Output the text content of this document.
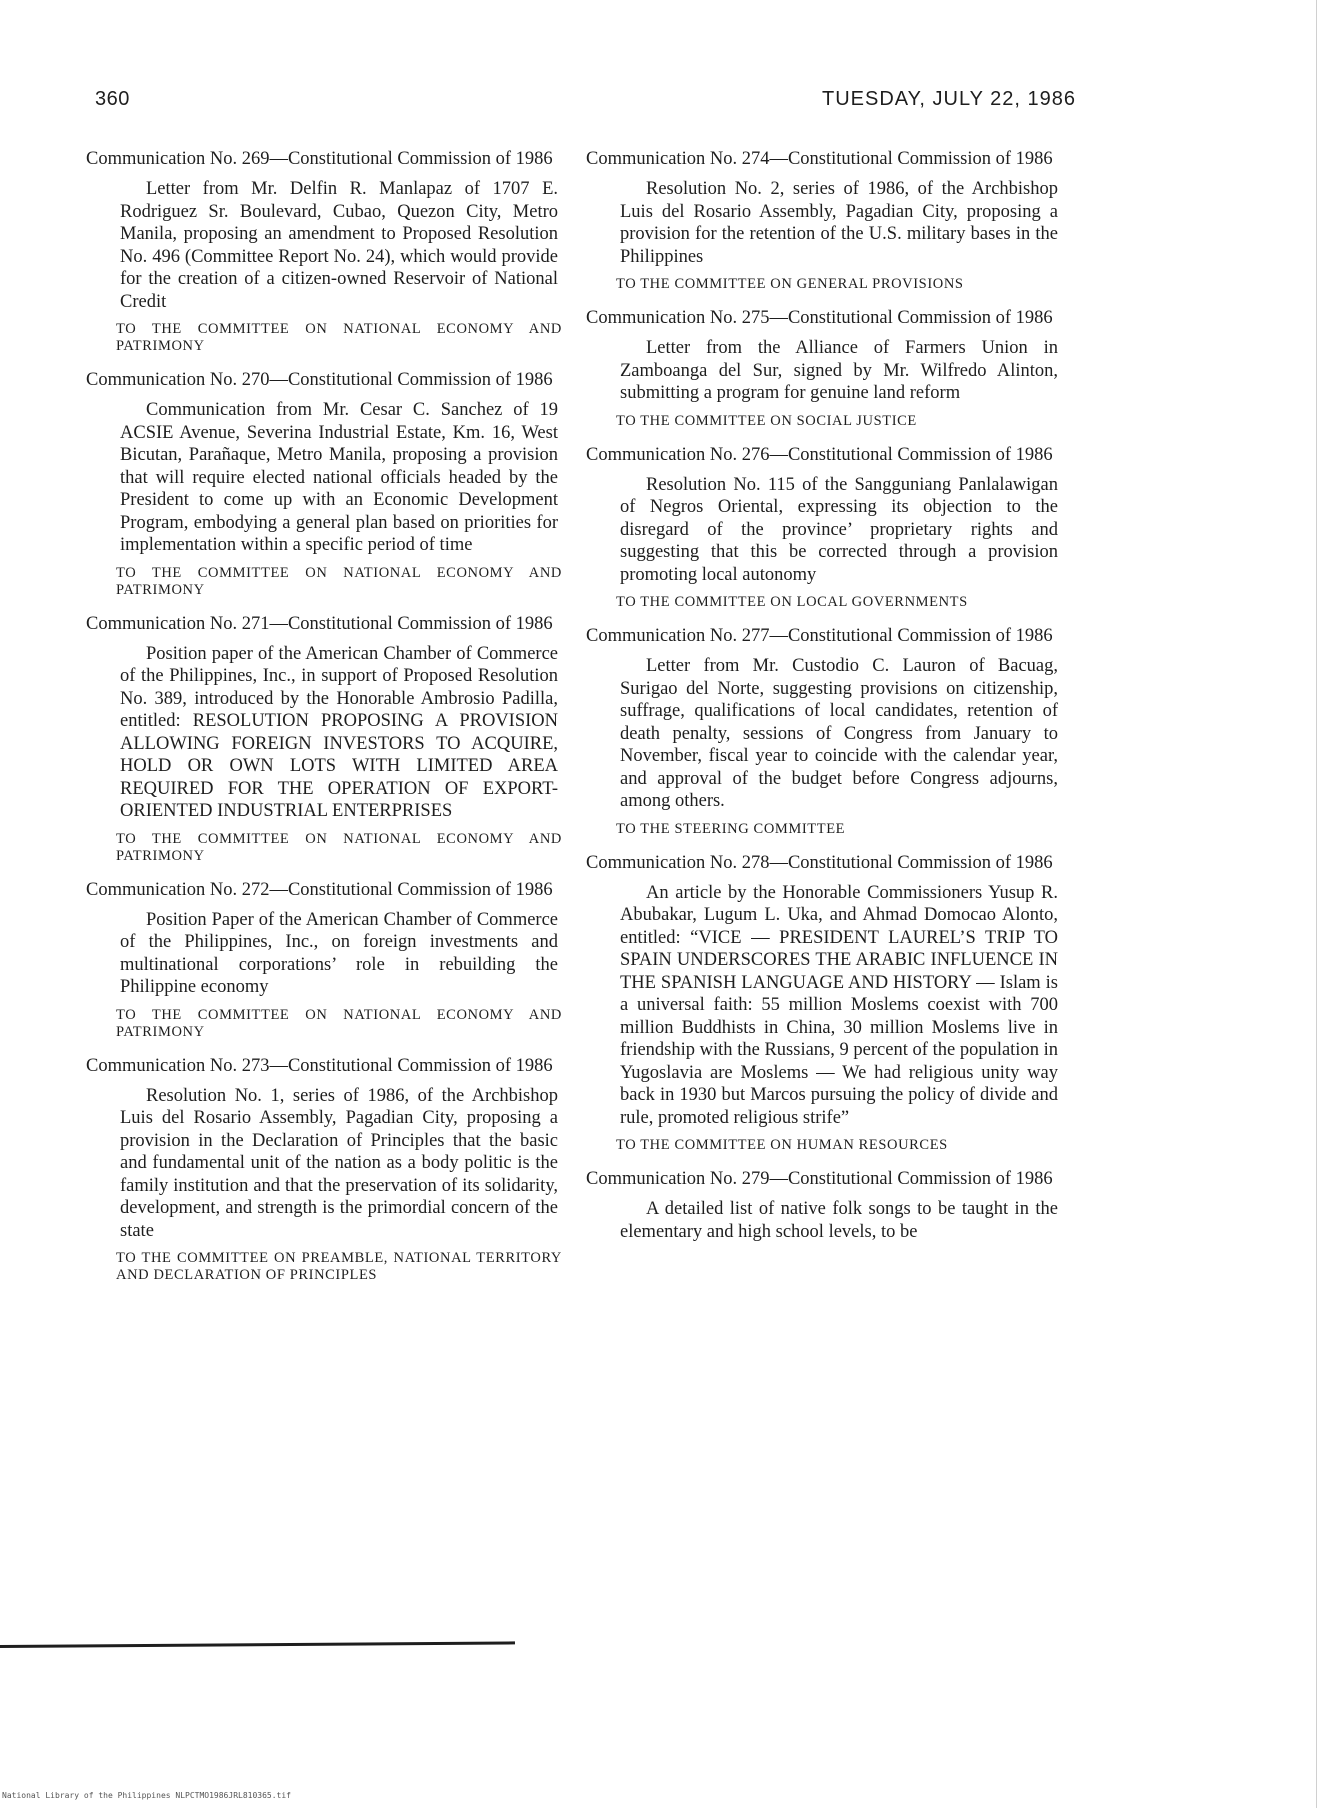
360	TUESDAY, JULY 22, 1986
Communication No. 269—Constitutional Commission of 1986
Letter from Mr. Delfin R. Manlapaz of 1707 E. Rodriguez Sr. Boulevard, Cubao, Quezon City, Metro Manila, proposing an amendment to Proposed Resolution No. 496 (Committee Report No. 24), which would provide for the creation of a citizen-owned Reservoir of National Credit
TO THE COMMITTEE ON NATIONAL ECONOMY AND PATRIMONY
Communication No. 270—Constitutional Commission of 1986
Communication from Mr. Cesar C. Sanchez of 19 ACSIE Avenue, Severina Industrial Estate, Km. 16, West Bicutan, Parañaque, Metro Manila, proposing a provision that will require elected national officials headed by the President to come up with an Economic Development Program, embodying a general plan based on priorities for implementation within a specific period of time
TO THE COMMITTEE ON NATIONAL ECONOMY AND PATRIMONY
Communication No. 271—Constitutional Commission of 1986
Position paper of the American Chamber of Commerce of the Philippines, Inc., in support of Proposed Resolution No. 389, introduced by the Honorable Ambrosio Padilla, entitled: RESOLUTION PROPOSING A PROVISION ALLOWING FOREIGN INVESTORS TO ACQUIRE, HOLD OR OWN LOTS WITH LIMITED AREA REQUIRED FOR THE OPERATION OF EXPORT-ORIENTED INDUSTRIAL ENTERPRISES
TO THE COMMITTEE ON NATIONAL ECONOMY AND PATRIMONY
Communication No. 272—Constitutional Commission of 1986
Position Paper of the American Chamber of Commerce of the Philippines, Inc., on foreign investments and multinational corporations’ role in rebuilding the Philippine economy
TO THE COMMITTEE ON NATIONAL ECONOMY AND PATRIMONY
Communication No. 273—Constitutional Commission of 1986
Resolution No. 1, series of 1986, of the Archbishop Luis del Rosario Assembly, Pagadian City, proposing a provision in the Declaration of Principles that the basic and fundamental unit of the nation as a body politic is the family institution and that the preservation of its solidarity, development, and strength is the primordial concern of the state
TO THE COMMITTEE ON PREAMBLE, NATIONAL TERRITORY AND DECLARATION OF PRINCIPLES
Communication No. 274—Constitutional Commission of 1986
Resolution No. 2, series of 1986, of the Archbishop Luis del Rosario Assembly, Pagadian City, proposing a provision for the retention of the U.S. military bases in the Philippines
TO THE COMMITTEE ON GENERAL PROVISIONS
Communication No. 275—Constitutional Commission of 1986
Letter from the Alliance of Farmers Union in Zamboanga del Sur, signed by Mr. Wilfredo Alinton, submitting a program for genuine land reform
TO THE COMMITTEE ON SOCIAL JUSTICE
Communication No. 276—Constitutional Commission of 1986
Resolution No. 115 of the Sangguniang Panlalawigan of Negros Oriental, expressing its objection to the disregard of the province’ proprietary rights and suggesting that this be corrected through a provision promoting local autonomy
TO THE COMMITTEE ON LOCAL GOVERNMENTS
Communication No. 277—Constitutional Commission of 1986
Letter from Mr. Custodio C. Lauron of Bacuag, Surigao del Norte, suggesting provisions on citizenship, suffrage, qualifications of local candidates, retention of death penalty, sessions of Congress from January to November, fiscal year to coincide with the calendar year, and approval of the budget before Congress adjourns, among others.
TO THE STEERING COMMITTEE
Communication No. 278—Constitutional Commission of 1986
An article by the Honorable Commissioners Yusup R. Abubakar, Lugum L. Uka, and Ahmad Domocao Alonto, entitled: “VICE — PRESIDENT LAUREL’S TRIP TO SPAIN UNDERSCORES THE ARABIC INFLUENCE IN THE SPANISH LANGUAGE AND HISTORY — Islam is a universal faith: 55 million Moslems coexist with 700 million Buddhists in China, 30 million Moslems live in friendship with the Russians, 9 percent of the population in Yugoslavia are Moslems — We had religious unity way back in 1930 but Marcos pursuing the policy of divide and rule, promoted religious strife”
TO THE COMMITTEE ON HUMAN RESOURCES
Communication No. 279—Constitutional Commission of 1986
A detailed list of native folk songs to be taught in the elementary and high school levels, to be
National Library of the Philippines NLPCTMO1986JRL810365.tif
